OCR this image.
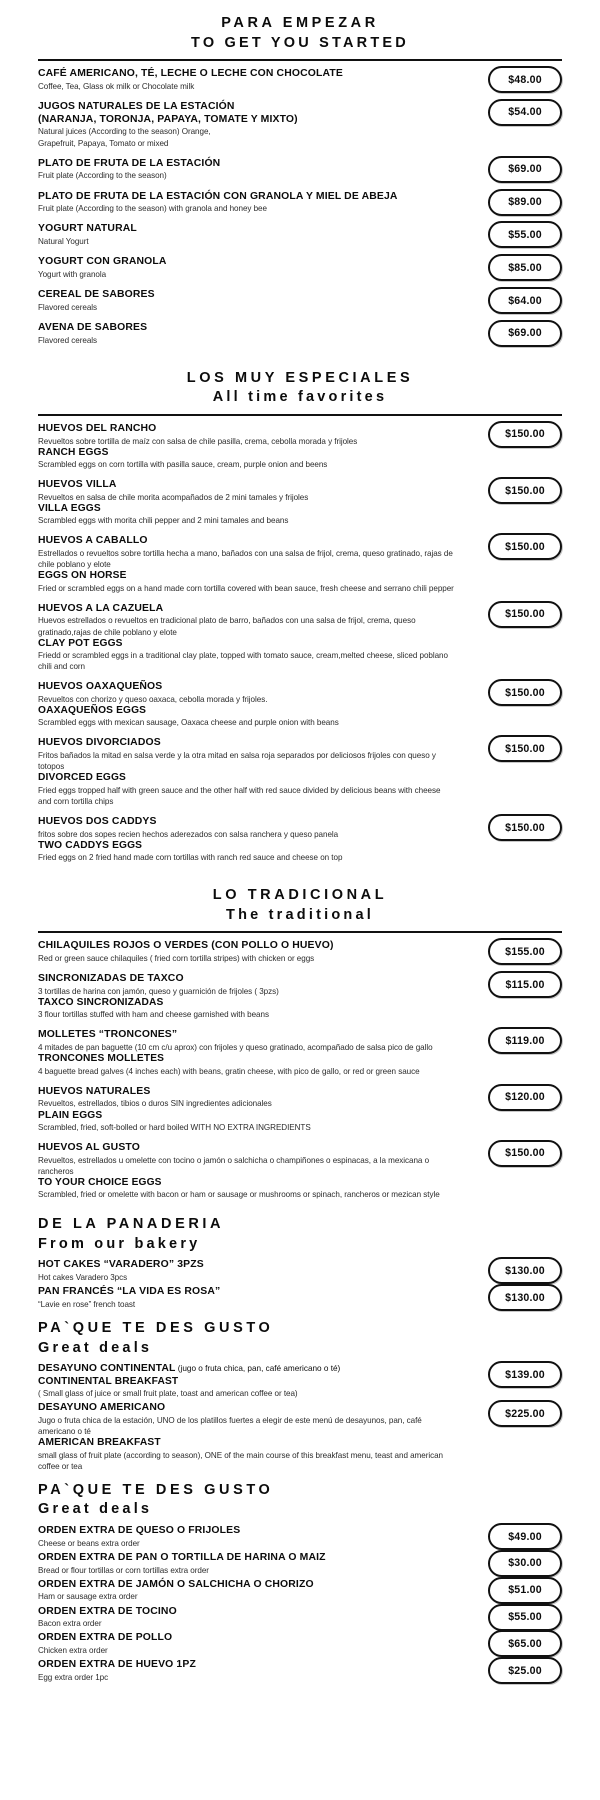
PARA EMPEZAR
TO GET YOU STARTED
CAFÉ AMERICANO, TÉ, LECHE O LECHE CON CHOCOLATE
Coffee, Tea, Glass ok milk or Chocolate milk
$48.00
JUGOS NATURALES DE LA ESTACIÓN
(NARANJA, TORONJA, PAPAYA, TOMATE Y MIXTO)
Natural juices (According to the season) Orange,
Grapefruit, Papaya, Tomato or mixed
$54.00
PLATO DE FRUTA DE LA ESTACIÓN
Fruit plate (According to the season)
$69.00
PLATO DE FRUTA DE LA ESTACIÓN CON GRANOLA Y MIEL DE ABEJA
Fruit plate (According to the season) with granola and honey bee
$89.00
YOGURT NATURAL
Natural Yogurt
$55.00
YOGURT CON GRANOLA
Yogurt with granola
$85.00
CEREAL DE SABORES
Flavored cereals
$64.00
AVENA DE SABORES
Flavored cereals
$69.00
LOS MUY ESPECIALES
All time favorites
HUEVOS DEL RANCHO
Revueltos sobre tortilla de maíz con salsa de chile pasilla, crema, cebolla morada y frijoles
RANCH EGGS
Scrambled eggs on corn tortilla with pasilla sauce, cream, purple onion and beens
$150.00
HUEVOS VILLA
Revueltos en salsa de chile morita acompañados de 2 mini tamales y frijoles
VILLA EGGS
Scrambled eggs with morita chili pepper and 2 mini tamales and beans
$150.00
HUEVOS A CABALLO
Estrellados o revueltos sobre tortilla hecha a mano, bañados con una salsa de frijol, crema, queso gratinado, rajas de chile poblano y elote
EGGS ON HORSE
Fried or scrambled eggs on a hand made corn tortilla covered with bean sauce, fresh cheese and serrano chili pepper
$150.00
HUEVOS A LA CAZUELA
Huevos estrellados o revueltos en tradicional plato de barro, bañados con una salsa de frijol, crema, queso gratinado,rajas de chile poblano y elote
CLAY POT EGGS
Friedd or scrambled eggs in a traditional clay plate, topped with tomato sauce, cream,melted cheese, sliced poblano chili and corn
$150.00
HUEVOS OAXAQUEÑOS
Revueltos con chorizo y queso oaxaca, cebolla morada y frijoles.
OAXAQUEÑOS EGGS
Scrambled eggs with mexican sausage, Oaxaca cheese and purple onion with beans
$150.00
HUEVOS DIVORCIADOS
Fritos bañados la mitad en salsa verde y la otra mitad en salsa roja separados por deliciosos frijoles con queso y totopos
DIVORCED EGGS
Fried eggs tropped half with green sauce and the other half with red sauce divided by delicious beans with cheese and corn tortilla chips
$150.00
HUEVOS DOS CADDYS
fritos sobre dos sopes recien hechos aderezados con salsa ranchera y queso panela
TWO CADDYS EGGS
Fried eggs on 2 fried hand made corn tortillas with ranch red sauce and cheese on top
$150.00
LO TRADICIONAL
The traditional
CHILAQUILES ROJOS O VERDES (CON POLLO O HUEVO)
Red or green sauce chilaquiles ( fried corn tortilla stripes) with chicken or eggs
$155.00
SINCRONIZADAS DE TAXCO
3 tortillas de harina con jamón, queso y guarnición de frijoles ( 3pzs)
TAXCO SINCRONIZADAS
3 flour tortillas stuffed with ham and cheese garnished with beans
$115.00
MOLLETES “TRONCONES”
4 mitades de pan baguette (10 cm c/u aprox) con frijoles y queso gratinado, acompañado de salsa pico de gallo
TRONCONES MOLLETES
4 baguette bread galves (4 inches each) with beans, gratin cheese, with pico de gallo, or red or green sauce
$119.00
HUEVOS NATURALES
Revueltos, estrellados, tibios o duros SIN ingredientes adicionales
PLAIN EGGS
Scrambled, fried, soft-bolled or hard boiled WITH NO EXTRA INGREDIENTS
$120.00
HUEVOS AL GUSTO
Revueltos, estrellados u omelette con tocino o jamón o salchicha o champiñones o espinacas, a la mexicana o rancheros
TO YOUR CHOICE EGGS
Scrambled, fried or omelette with bacon or ham or sausage or mushrooms or spinach, rancheros or mezican style
$150.00
DE LA PANADERIA
From our bakery
HOT CAKES “VARADERO” 3PZS
Hot cakes Varadero 3pcs
$130.00
PAN FRANCÉS “LA VIDA ES ROSA”
“Lavie en rose” french toast
$130.00
PA`QUE TE DES GUSTO
Great deals
DESAYUNO CONTINENTAL (jugo o fruta chica, pan, café americano o té)
CONTINENTAL BREAKFAST
( Small glass of juice or small fruit plate, toast and american coffee or tea)
$139.00
DESAYUNO AMERICANO
Jugo o fruta chica de la estación, UNO de los platillos fuertes a elegir de este menú de desayunos, pan, café americano o té
AMERICAN BREAKFAST
small glass of fruit plate (according to season), ONE of the main course of this breakfast menu, teast and american coffee or tea
$225.00
PA`QUE TE DES GUSTO
Great deals
ORDEN EXTRA DE QUESO O FRIJOLES
Cheese or beans extra order
$49.00
ORDEN EXTRA DE PAN O TORTILLA DE HARINA O MAIZ
Bread or flour tortillas or corn tortillas extra order
$30.00
ORDEN EXTRA DE JAMÓN O SALCHICHA O CHORIZO
Ham or sausage extra order
$51.00
ORDEN EXTRA DE TOCINO
Bacon extra order
$55.00
ORDEN EXTRA DE POLLO
Chicken extra order
$65.00
ORDEN EXTRA DE HUEVO 1PZ
Egg extra order 1pc
$25.00
